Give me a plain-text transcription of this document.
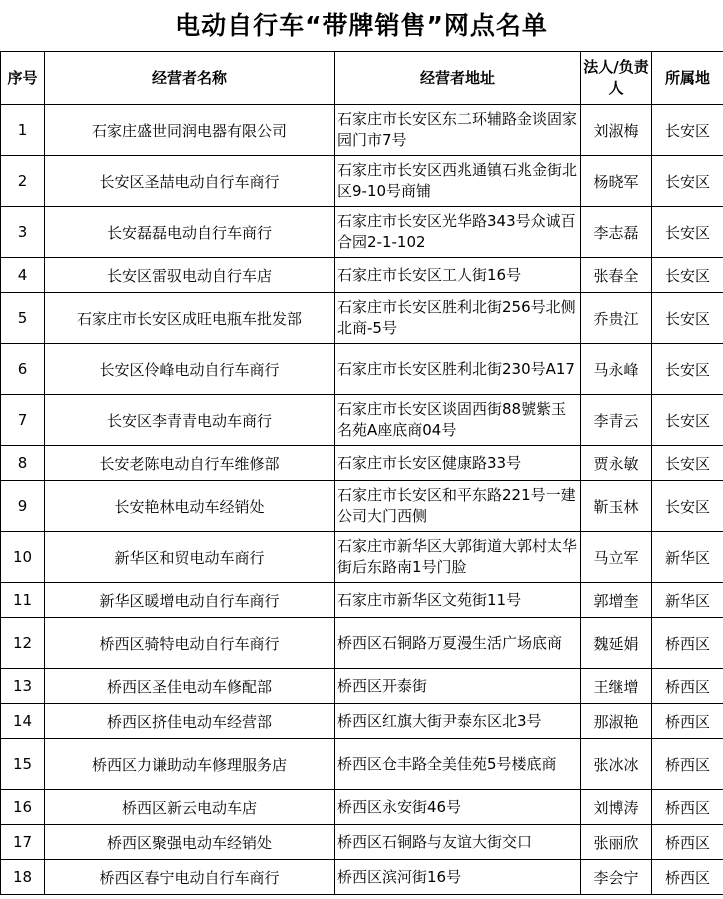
电动自行车“带牌销售”网点名单
序号	经营者名称	经营者地址	法人/负责人	所属地
1	石家庄盛世同润电器有限公司	石家庄市长安区东二环辅路金谈固家园门市7号	刘淑梅	长安区
2	长安区圣喆电动自行车商行	石家庄市长安区西兆通镇石兆金街北区9-10号商铺	杨晓军	长安区
3	长安磊磊电动自行车商行	石家庄市长安区光华路343号众诚百合园2-1-102	李志磊	长安区
4	长安区雷驭电动自行车店	石家庄市长安区工人街16号	张春全	长安区
5	石家庄市长安区成旺电瓶车批发部	石家庄市长安区胜利北街256号北侧北商-5号	乔贵江	长安区
6	长安区伶峰电动自行车商行	石家庄市长安区胜利北街230号A17	马永峰	长安区
7	长安区李青青电动车商行	石家庄市长安区谈固西街88號紫玉名苑A座底商04号	李青云	长安区
8	长安老陈电动自行车维修部	石家庄市长安区健康路33号	贾永敏	长安区
9	长安艳林电动车经销处	石家庄市长安区和平东路221号一建公司大门西侧	靳玉林	长安区
10	新华区和贸电动车商行	石家庄市新华区大郭街道大郭村太华街后东路南1号门脸	马立军	新华区
11	新华区暖增电动自行车商行	石家庄市新华区文苑街11号	郭增奎	新华区
12	桥西区骑特电动自行车商行	桥西区石铜路万夏漫生活广场底商	魏延娟	桥西区
13	桥西区圣佳电动车修配部	桥西区开泰街	王继增	桥西区
14	桥西区挤佳电动车经营部	桥西区红旗大街尹泰东区北3号	那淑艳	桥西区
15	桥西区力谦助动车修理服务店	桥西区仓丰路全美佳苑5号楼底商	张冰冰	桥西区
16	桥西区新云电动车店	桥西区永安街46号	刘博涛	桥西区
17	桥西区聚强电动车经销处	桥西区石铜路与友谊大街交口	张丽欣	桥西区
18	桥西区春宁电动自行车商行	桥西区滨河街16号	李会宁	桥西区
